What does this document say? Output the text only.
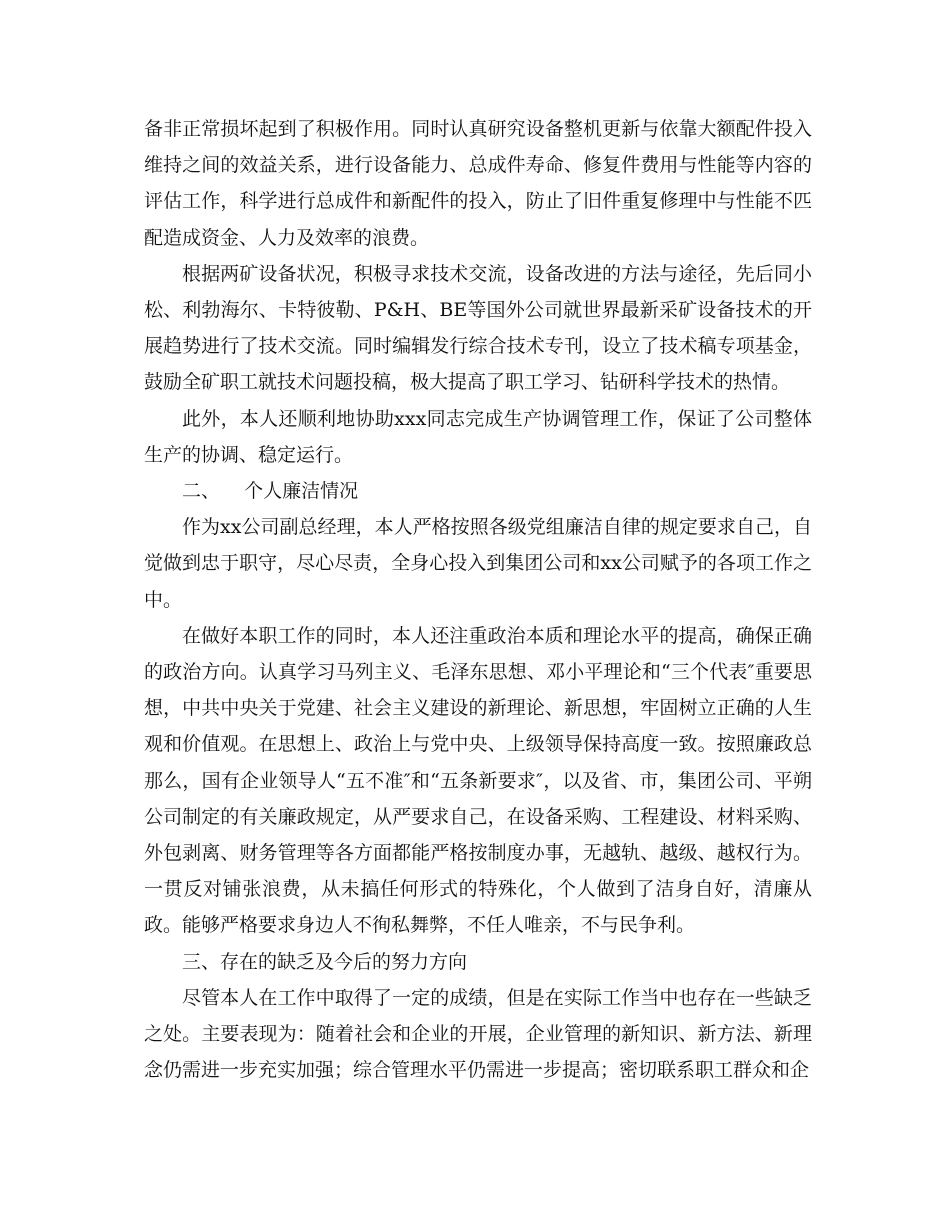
备非正常损坏起到了积极作用。同时认真研究设备整机更新与依靠大额配件投入维持之间的效益关系，进行设备能力、总成件寿命、修复件费用与性能等内容的评估工作，科学进行总成件和新配件的投入，防止了旧件重复修理中与性能不匹配造成资金、人力及效率的浪费。

根据两矿设备状况，积极寻求技术交流，设备改进的方法与途径，先后同小松、利勃海尔、卡特彼勒、P&H、BE等国外公司就世界最新采矿设备技术的开展趋势进行了技术交流。同时编辑发行综合技术专刊，设立了技术稿专项基金，鼓励全矿职工就技术问题投稿，极大提高了职工学习、钻研科学技术的热情。

此外，本人还顺利地协助xxx同志完成生产协调管理工作，保证了公司整体生产的协调、稳定运行。

二、    个人廉洁情况

作为xx公司副总经理，本人严格按照各级党组廉洁自律的规定要求自己，自觉做到忠于职守，尽心尽责，全身心投入到集团公司和xx公司赋予的各项工作之中。

在做好本职工作的同时，本人还注重政治本质和理论水平的提高，确保正确的政治方向。认真学习马列主义、毛泽东思想、邓小平理论和“三个代表″重要思想，中共中央关于党建、社会主义建设的新理论、新思想，牢固树立正确的人生观和价值观。在思想上、政治上与党中央、上级领导保持高度一致。按照廉政总那么，国有企业领导人“五不准″和“五条新要求″，以及省、市，集团公司、平朔公司制定的有关廉政规定，从严要求自己，在设备采购、工程建设、材料采购、外包剥离、财务管理等各方面都能严格按制度办事，无越轨、越级、越权行为。一贯反对铺张浪费，从未搞任何形式的特殊化，个人做到了洁身自好，清廉从政。能够严格要求身边人不徇私舞弊，不任人唯亲，不与民争利。

三、存在的缺乏及今后的努力方向

尽管本人在工作中取得了一定的成绩，但是在实际工作当中也存在一些缺乏之处。主要表现为：随着社会和企业的开展，企业管理的新知识、新方法、新理念仍需进一步充实加强；综合管理水平仍需进一步提高；密切联系职工群众和企
